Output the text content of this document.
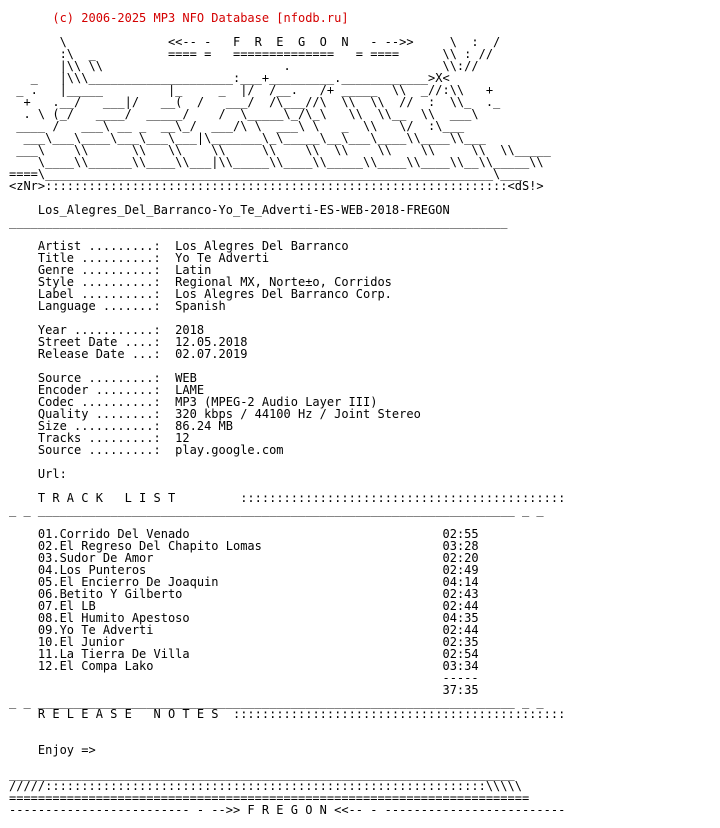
(c) 2006-2025 MP3 NFO Database [nfodb.ru]
\              <<-- -   F  R  E  G  O  N   - -->>     \  :  /
:\  _          ==== =   ==============   = ====      \\ : //
|\\ \\                         .                     \\://
_   |\\\____________________:___+_________.____________>X<
_ .   |_____         |_     _  |/  /__.   /+ _____  \\  _//:\\   +
+   .__/   ___|/   __(  /   ___/  /\___//\  \\  \\  //  :  \\_  ._
. \ (_/   ____/  _____/    /  \_____\_/\_\   \\  \\__  \\  ___\
____ /   ___\ __ _  __\_/  ___/\ \  ___\ \   _  \\   \/  :\___
___\___\____\___\___\___|\_______\_\_____\__\___\____\\____\\___
___\    \\      \\   \\    \\     \\    \\  \\    \\    \\     \\  \\_____
\____\\______\\____\\___|\\_____\\____\\_____\\____\\____\\__\\_____\\
====\______________________________________________________________\___
<zNr>::::::::::::::::::::::::::::::::::::::::::::::::::::::::::::::::<dS!>
Los_Alegres_Del_Barranco-Yo_Te_Adverti-ES-WEB-2018-FREGON
_____________________________________________________________________
Artist .........:  Los Alegres Del Barranco
Title ..........:  Yo Te Adverti
Genre ..........:  Latin
Style ..........:  Regional MX, Norte±o, Corridos
Label ..........:  Los Alegres Del Barranco Corp.
Language .......:  Spanish
Year ...........:  2018
Street Date ....:  12.05.2018
Release Date ...:  02.07.2019
Source .........:  WEB
Encoder ........:  LAME
Codec ..........:  MP3 (MPEG-2 Audio Layer III)
Quality ........:  320 kbps / 44100 Hz / Joint Stereo
Size ...........:  86.24 MB
Tracks .........:  12
Source .........:  play.google.com
Url:
T R A C K   L I S T         :::::::::::::::::::::::::::::::::::::::::::::
_ _ __________________________________________________________________ _ _
01.Corrido Del Venado	02:55
02.El Regreso Del Chapito Lomas	03:28
03.Sudor De Amor	02:20
04.Los Punteros	02:49
05.El Encierro De Joaquin	04:14
06.Betito Y Gilberto	02:43
07.El LB	02:44
08.El Humito Apestoso	04:35
09.Yo Te Adverti	02:44
10.El Junior	02:35
11.La Tierra De Villa	02:54
12.El Compa Lako	03:34
-----
37:35
_ _ __________________________________________________________________ _ _
R E L E A S E   N O T E S  ::::::::::::::::::::::::::::::::::::::::::::::
Enjoy =>
______________________________________________________________________
/////:::::::::::::::::::::::::::::::::::::::::::::::::::::::::::::\\\\\
========================================================================
------------------------- - -->> F R E G O N <<-- - -------------------------
